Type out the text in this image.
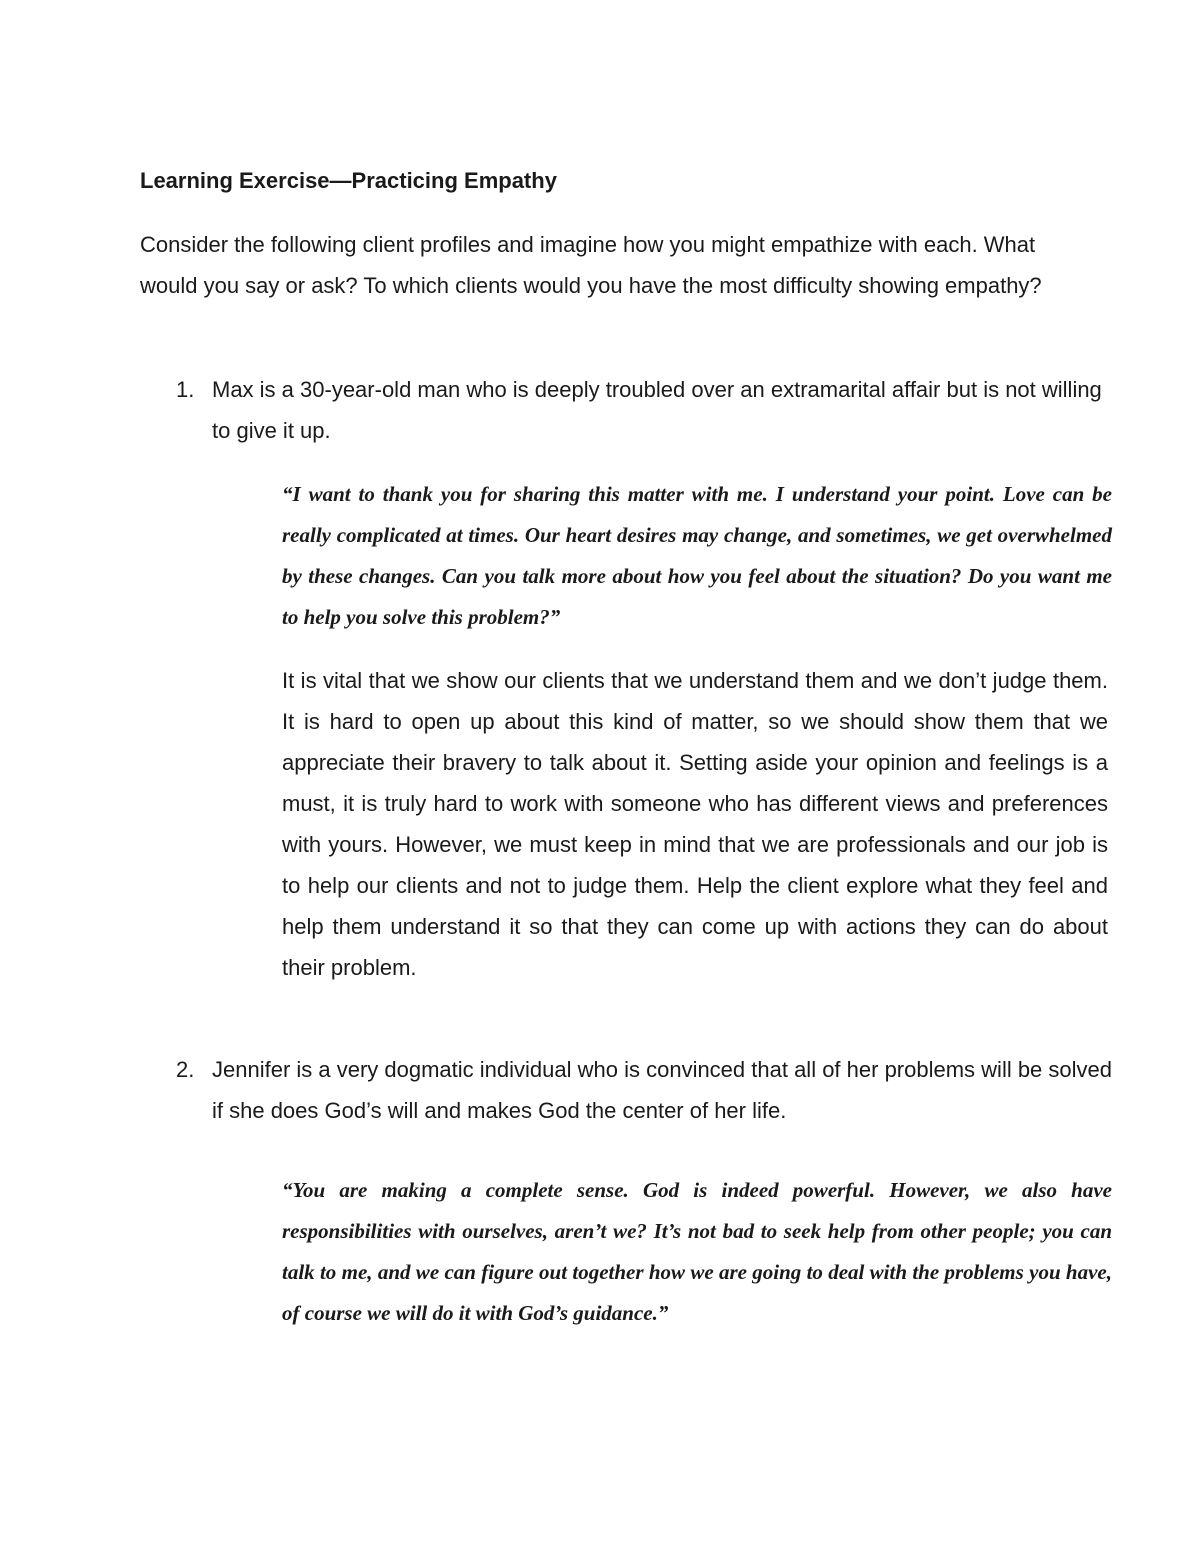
Learning Exercise—Practicing Empathy

Consider the following client profiles and imagine how you might empathize with each. What would you say or ask? To which clients would you have the most difficulty showing empathy?

1. Max is a 30-year-old man who is deeply troubled over an extramarital affair but is not willing to give it up.

“I want to thank you for sharing this matter with me. I understand your point. Love can be really complicated at times. Our heart desires may change, and sometimes, we get overwhelmed by these changes. Can you talk more about how you feel about the situation? Do you want me to help you solve this problem?”

It is vital that we show our clients that we understand them and we don’t judge them. It is hard to open up about this kind of matter, so we should show them that we appreciate their bravery to talk about it. Setting aside your opinion and feelings is a must, it is truly hard to work with someone who has different views and preferences with yours. However, we must keep in mind that we are professionals and our job is to help our clients and not to judge them. Help the client explore what they feel and help them understand it so that they can come up with actions they can do about their problem.

2. Jennifer is a very dogmatic individual who is convinced that all of her problems will be solved if she does God’s will and makes God the center of her life.

“You are making a complete sense. God is indeed powerful. However, we also have responsibilities with ourselves, aren’t we? It’s not bad to seek help from other people; you can talk to me, and we can figure out together how we are going to deal with the problems you have, of course we will do it with God’s guidance.”
